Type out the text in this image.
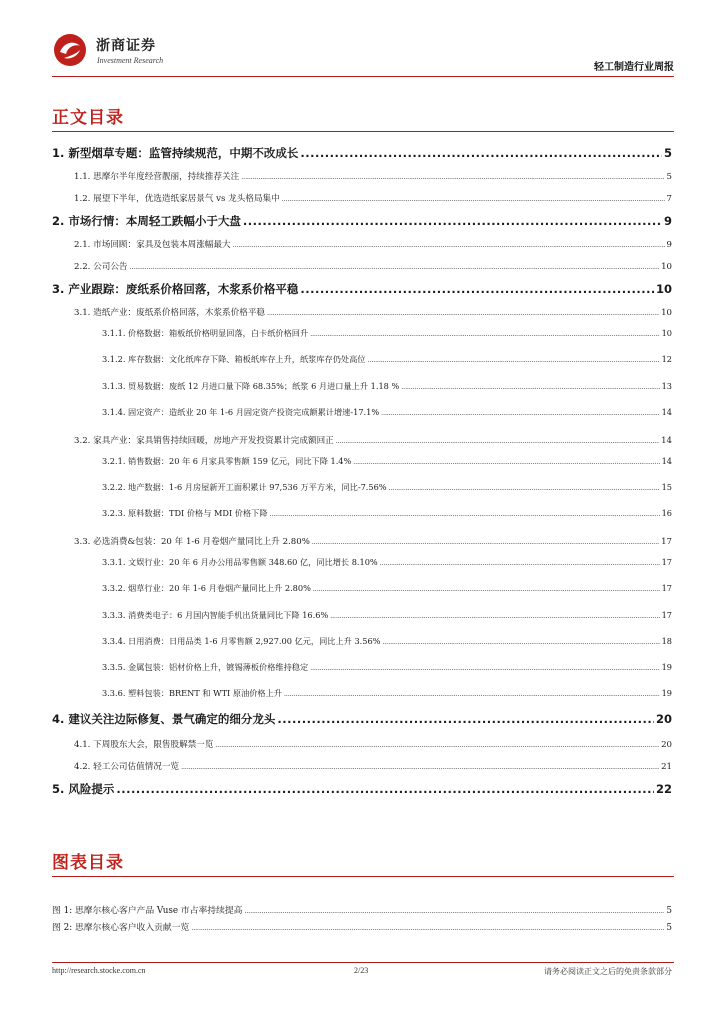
浙商证券
Investment Research
轻工制造行业周报
正文目录
1. 新型烟草专题：监管持续规范，中期不改成长 .....	5
1.1. 思摩尔半年度经营靓丽，持续推荐关注 .....	5
1.2. 展望下半年，优选造纸家居景气 vs 龙头格局集中 .....	7
2. 市场行情：本周轻工跌幅小于大盘 .....	9
2.1. 市场回顾：家具及包装本周涨幅最大 .....	9
2.2. 公司公告 .....	10
3. 产业跟踪：废纸系价格回落，木浆系价格平稳 .....	10
3.1. 造纸产业：废纸系价格回落，木浆系价格平稳 .....	10
3.1.1. 价格数据：箱板纸价格明显回落，白卡纸价格回升 .....	10
3.1.2. 库存数据：文化纸库存下降、箱板纸库存上升，纸浆库存仍处高位 .....	12
3.1.3. 贸易数据：废纸 12 月进口量下降 68.35%；纸浆 6 月进口量上升 1.18 % .....	13
3.1.4. 固定资产：造纸业 20 年 1-6 月固定资产投资完成额累计增速-17.1% .....	14
3.2. 家具产业：家具销售持续回暖，房地产开发投资累计完成额回正 .....	14
3.2.1. 销售数据：20 年 6 月家具零售额 159 亿元，同比下降 1.4% .....	14
3.2.2. 地产数据：1-6 月房屋新开工面积累计 97,536 万平方米，同比-7.56% .....	15
3.2.3. 原料数据：TDI 价格与 MDI 价格下降 .....	16
3.3. 必选消费&包装：20 年 1-6 月卷烟产量同比上升 2.80% .....	17
3.3.1. 文娱行业：20 年 6 月办公用品零售额 348.60 亿，同比增长 8.10% .....	17
3.3.2. 烟草行业：20 年 1-6 月卷烟产量同比上升 2.80% .....	17
3.3.3. 消费类电子：6 月国内智能手机出货量同比下降 16.6% .....	17
3.3.4. 日用消费：日用品类 1-6 月零售额 2,927.00 亿元，同比上升 3.56% .....	18
3.3.5. 金属包装：铝材价格上升，镀锡薄板价格维持稳定 .....	19
3.3.6. 塑料包装：BRENT 和 WTI 原油价格上升 .....	19
4. 建议关注边际修复、景气确定的细分龙头 .....	20
4.1. 下周股东大会，限售股解禁一览 .....	20
4.2. 轻工公司估值情况一览 .....	21
5. 风险提示 .....	22
图表目录
图 1: 思摩尔核心客户产品 Vuse 市占率持续提高 .....	5
图 2: 思摩尔核心客户收入贡献一览 .....	5
http://research.stocke.com.cn	2/23	请务必阅读正文之后的免责条款部分
